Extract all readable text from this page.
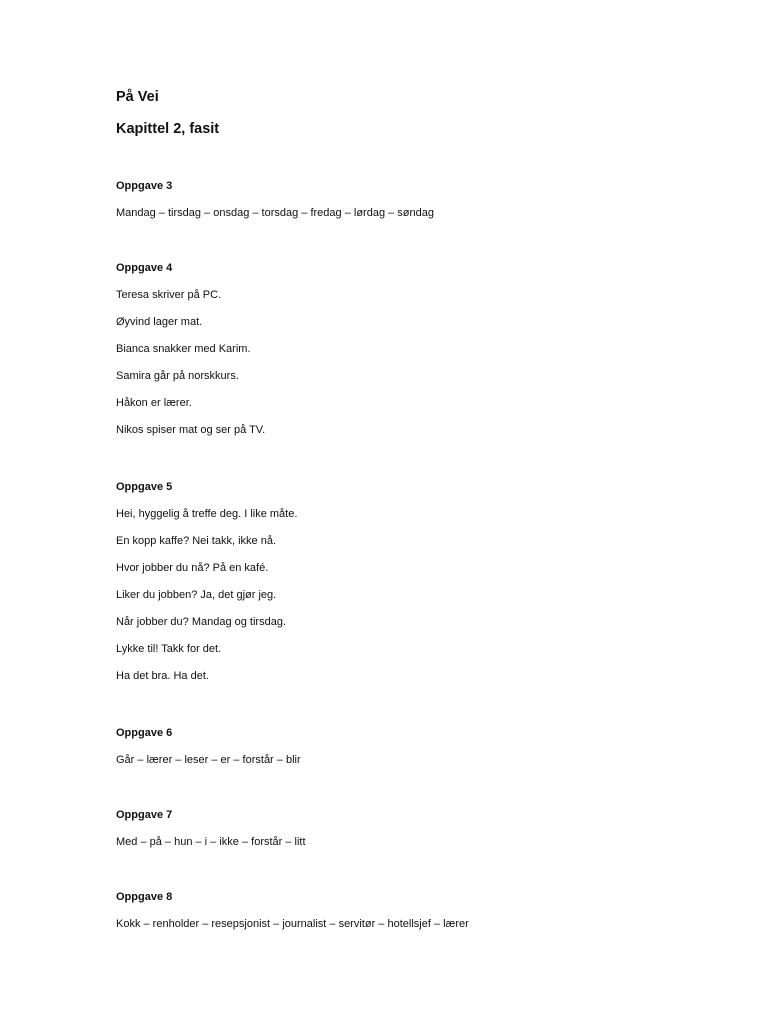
På Vei
Kapittel 2, fasit
Oppgave 3

Mandag – tirsdag – onsdag – torsdag – fredag – lørdag – søndag

Oppgave 4

Teresa skriver på PC.

Øyvind lager mat.

Bianca snakker med Karim.

Samira går på norskkurs.

Håkon er lærer.

Nikos spiser mat og ser på TV.

Oppgave 5

Hei, hyggelig å treffe deg. I like måte.

En kopp kaffe? Nei takk, ikke nå.

Hvor jobber du nå? På en kafé.

Liker du jobben? Ja, det gjør jeg.

Når jobber du? Mandag og tirsdag.

Lykke til! Takk for det.

Ha det bra. Ha det.

Oppgave 6

Går – lærer – leser – er – forstår – blir

Oppgave 7

Med – på – hun – i – ikke – forstår – litt

Oppgave 8

Kokk – renholder – resepsjonist – journalist – servitør – hotellsjef – lærer
